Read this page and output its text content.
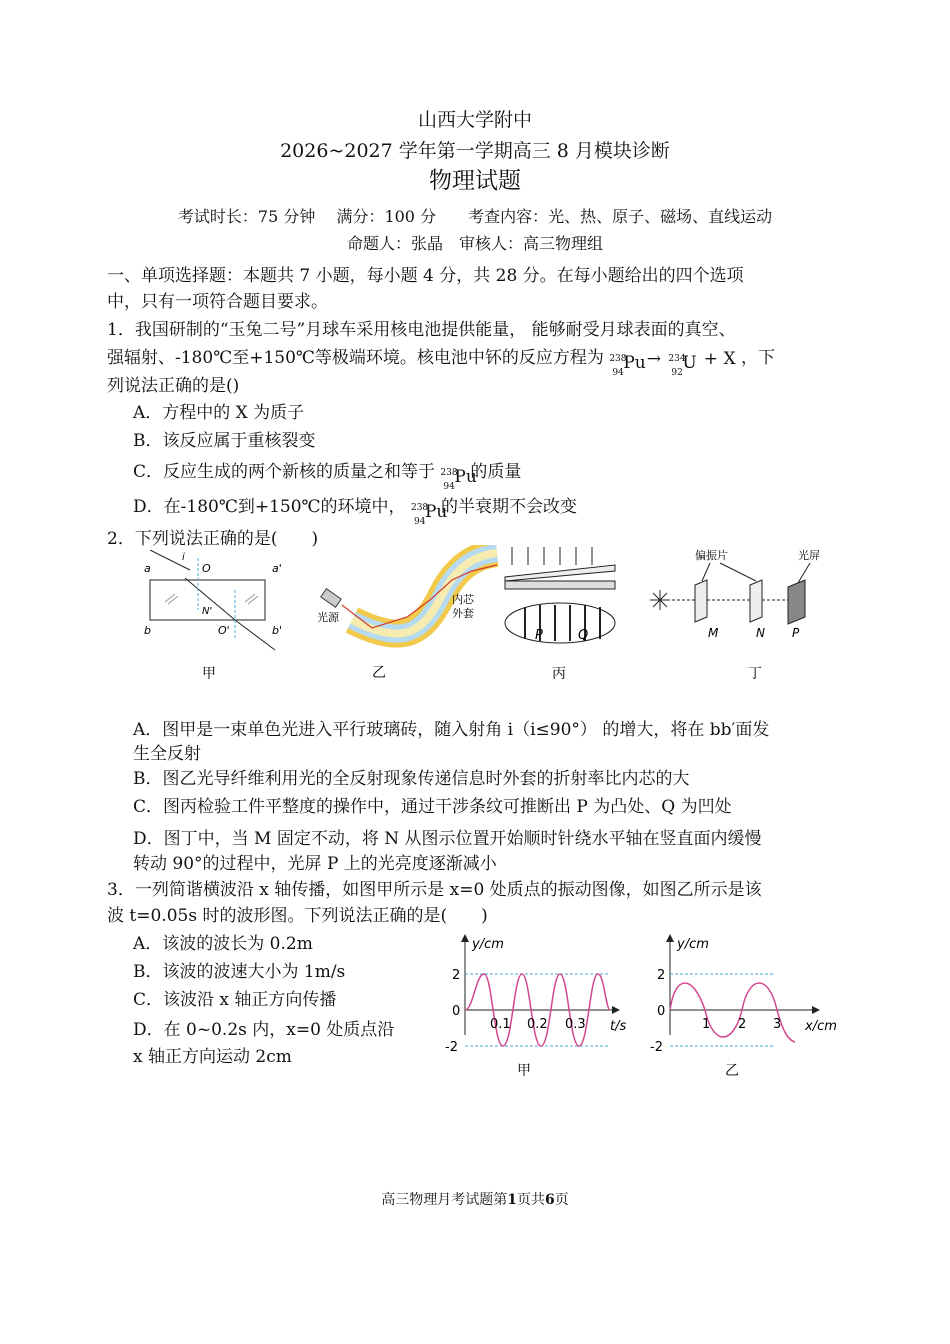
山西大学附中
2026~2027 学年第一学期高三 8 月模块诊断
物理试题
考试时长：75 分钟　 满分：100 分　　考查内容：光、热、原子、磁场、直线运动
命题人：张晶　审核人：高三物理组
一、单项选择题：本题共 7 小题，每小题 4 分，共 28 分。在每小题给出的四个选项
中，只有一项符合题目要求。
1．我国研制的“玉兔二号”月球车采用核电池提供能量， 能够耐受月球表面的真空、
强辐射、-180℃至+150℃等极端环境。核电池中钚的反应方程为 238
94 Pu → 234
92 U + X ，下
列说法正确的是()
A．方程中的 X 为质子
B．该反应属于重核裂变
C．反应生成的两个新核的质量之和等于 238
94 Pu
的质量
D．在-180℃到+150℃的环境中， 238
94 Pu
的半衰期不会改变
2．下列说法正确的是(　　)
a	a'
b	b'
O
O'
N'
i
甲
光源
内芯
外套
乙
P	Q
丙
偏振片	光屏
M	N P
丁
A．图甲是一束单色光进入平行玻璃砖，随入射角 i（i≤90°） 的增大，将在 bb′面发
生全反射
B．图乙光导纤维利用光的全反射现象传递信息时外套的折射率比内芯的大
C．图丙检验工件平整度的操作中，通过干涉条纹可推断出 P 为凸处、Q 为凹处
D．图丁中，当 M 固定不动，将 N 从图示位置开始顺时针绕水平轴在竖直面内缓慢
转动 90°的过程中，光屏 P 上的光亮度逐渐减小
3．一列简谐横波沿 x 轴传播，如图甲所示是 x=0 处质点的振动图像，如图乙所示是该
波 t=0.05s 时的波形图。下列说法正确的是(　　)
A．该波的波长为 0.2m
B．该波的波速大小为 1m/s
C．该波沿 x 轴正方向传播
D．在 0~0.2s 内，x=0 处质点沿
x 轴正方向运动 2cm
y/cm
t/s
2
0
-2
0.1 0.2 0.3
甲
y/cm
x/cm
2
0
-2
1 2 3
乙
高三物理月考试题第1页共6页
